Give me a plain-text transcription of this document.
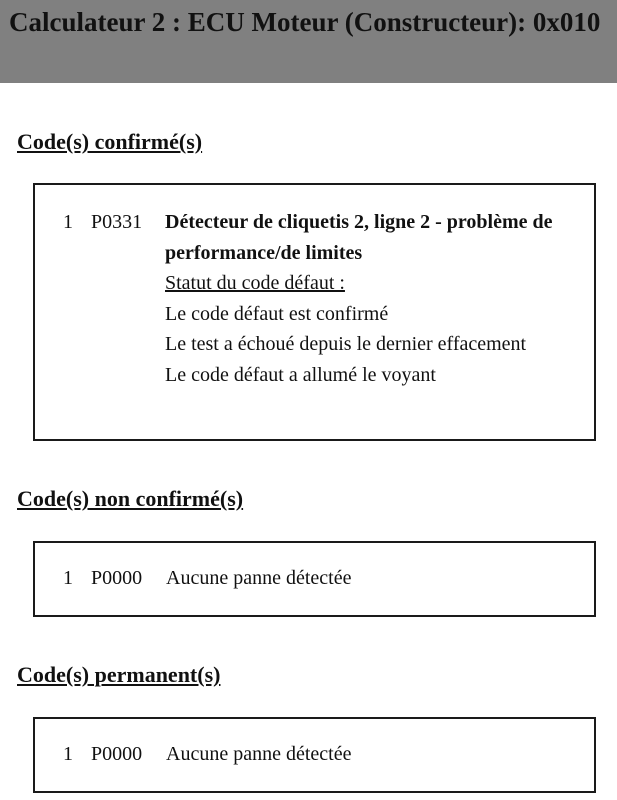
Calculateur 2 : ECU Moteur (Constructeur): 0x010
Code(s) confirmé(s)
1 P0331 Détecteur de cliquetis 2, ligne 2 - problème de performance/de limites
Statut du code défaut :
Le code défaut est confirmé
Le test a échoué depuis le dernier effacement
Le code défaut a allumé le voyant
Code(s) non confirmé(s)
1 P0000 Aucune panne détectée
Code(s) permanent(s)
1 P0000 Aucune panne détectée
